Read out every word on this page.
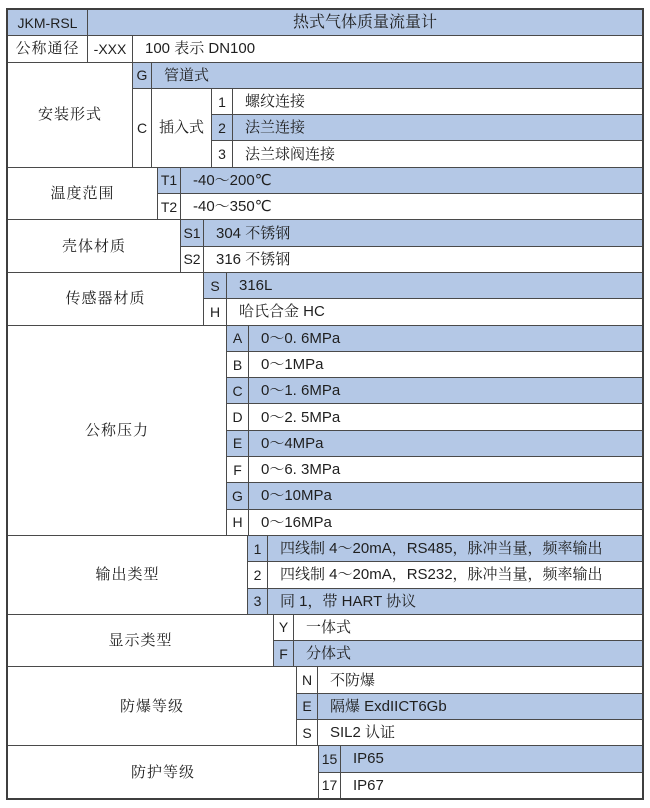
JKM-RSL	热式气体质量流量计
公称通径	-XXX	100 表示 DN100
安装形式
G	管道式
C 插入式
1	螺纹连接
2	法兰连接
3	法兰球阀连接
温度范围
T1	-40～200℃
T2	-40～350℃
壳体材质
S1	304 不锈钢
S2	316 不锈钢
传感器材质
S	316L
H	哈氏合金 HC
公称压力
A	0～0. 6MPa
B	0～1MPa
C	0～1. 6MPa
D	0～2. 5MPa
E	0～4MPa
F	0～6. 3MPa
G	0～10MPa
H	0～16MPa
输出类型
1	四线制 4～20mA，RS485，脉冲当量，频率输出
2	四线制 4～20mA，RS232，脉冲当量，频率输出
3	同 1，带 HART 协议
显示类型
Y	一体式
F	分体式
防爆等级
N	不防爆
E	隔爆 ExdIICT6Gb
S	SIL2 认证
防护等级
15	IP65
17	IP67
